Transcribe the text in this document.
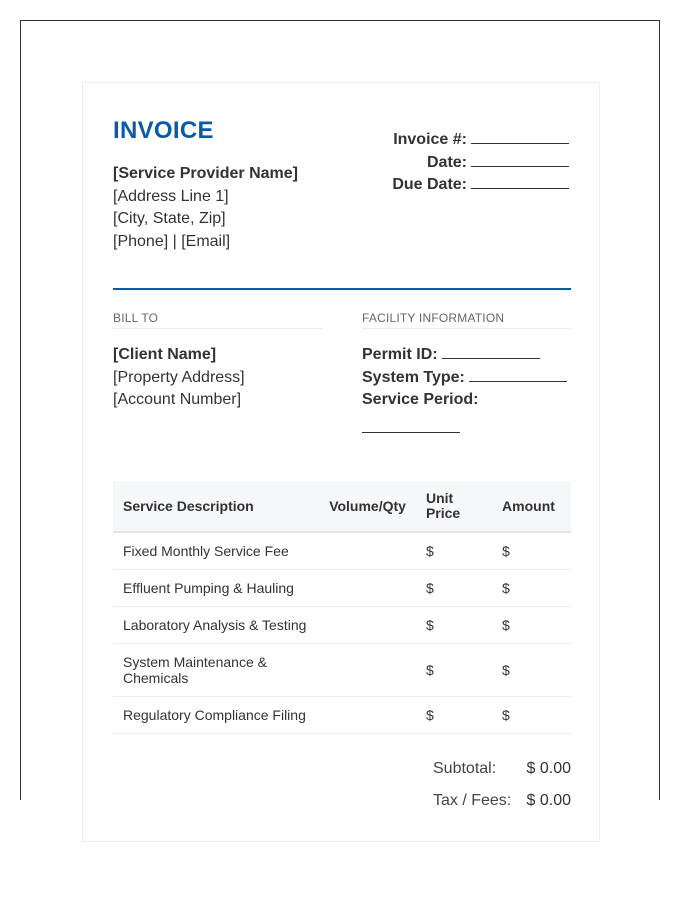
INVOICE
[Service Provider Name]
[Address Line 1]
[City, State, Zip]
[Phone] | [Email]
Invoice #:
Date:
Due Date:
BILL TO	FACILITY INFORMATION
[Client Name]
[Property Address]
[Account Number]
Permit ID:
System Type:
Service Period:
Service Description	Volume/Qty	Unit Price	Amount
Fixed Monthly Service Fee		$	$
Effluent Pumping & Hauling		$	$
Laboratory Analysis & Testing		$	$

System Maintenance & Chemicals		$	$
Regulatory Compliance Filing		$	$
Subtotal: $ 0.00
Tax / Fees: $ 0.00
